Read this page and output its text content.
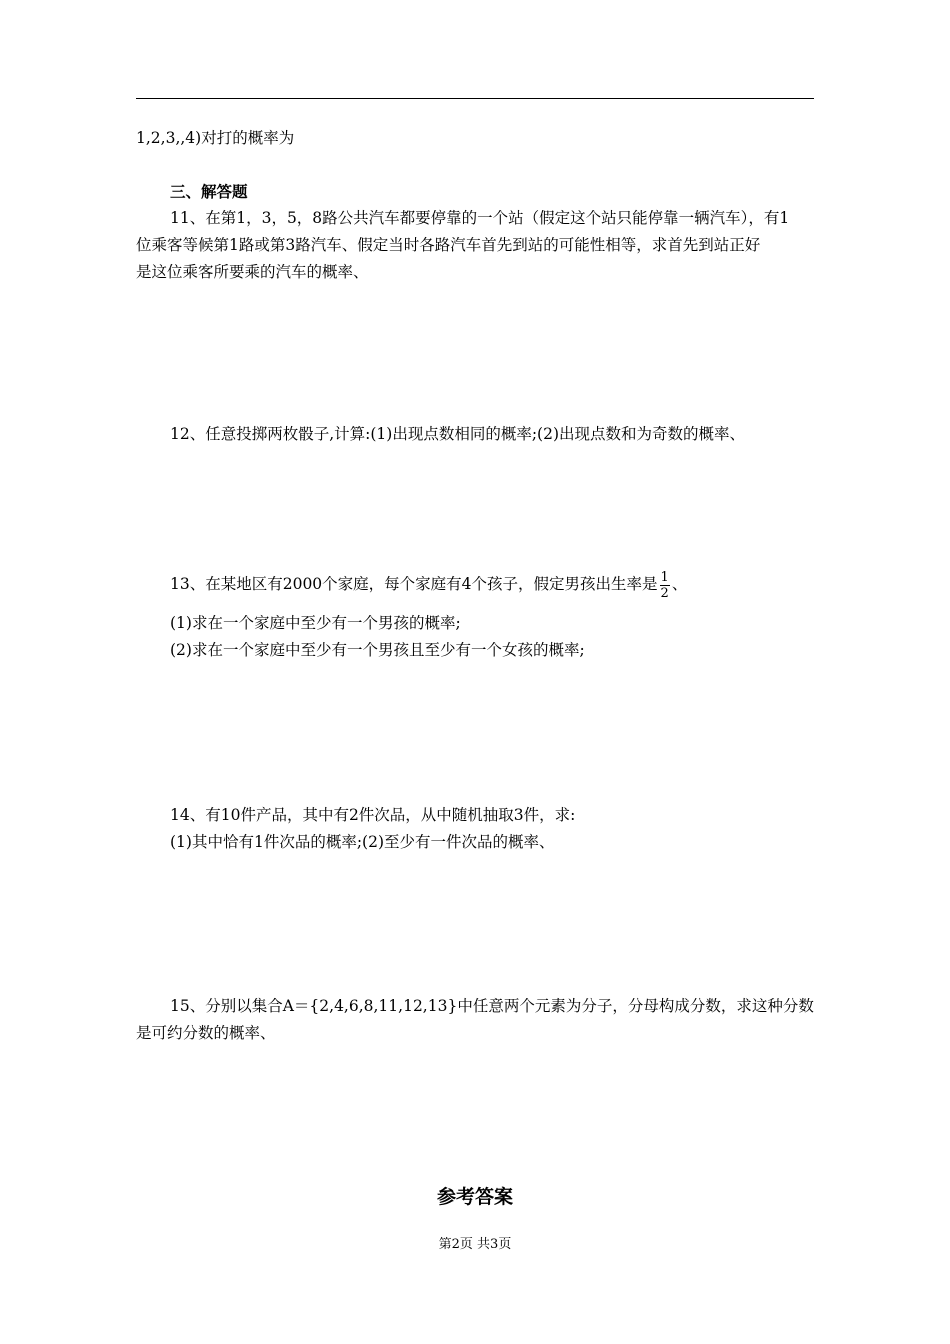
1,2,3,,4)对打的概率为
三、解答题
11、在第1，3，5，8路公共汽车都要停靠的一个站（假定这个站只能停靠一辆汽车），有1
位乘客等候第1路或第3路汽车、假定当时各路汽车首先到站的可能性相等，求首先到站正好
是这位乘客所要乘的汽车的概率、
12、任意投掷两枚骰子,计算:(1)出现点数相同的概率;(2)出现点数和为奇数的概率、
13、在某地区有2000个家庭，每个家庭有4个孩子，假定男孩出生率是 $\frac{1}{2}$ 、
(1)求在一个家庭中至少有一个男孩的概率;
(2)求在一个家庭中至少有一个男孩且至少有一个女孩的概率;
14、有10件产品，其中有2件次品，从中随机抽取3件，求:
(1)其中恰有1件次品的概率;(2)至少有一件次品的概率、
15、分别以集合A＝{2,4,6,8,11,12,13}中任意两个元素为分子，分母构成分数，求这种分数
是可约分数的概率、
参考答案
第2页 共3页
